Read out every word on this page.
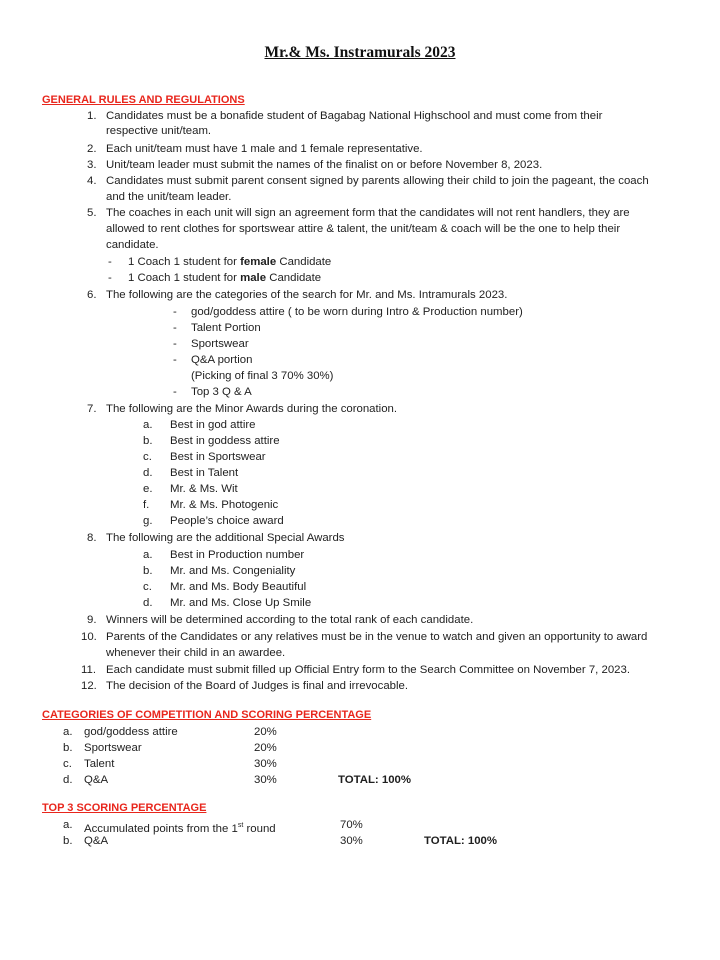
Mr.& Ms. Instramurals 2023
GENERAL RULES AND REGULATIONS
1. Candidates must be a bonafide student of Bagabag National Highschool and must come from their
respective unit/team.
2. Each unit/team must have 1 male and 1 female representative.
3. Unit/team leader must submit the names of the finalist on or before November 8, 2023.
4. Candidates must submit parent consent signed by parents allowing their child to join the pageant, the coach
and the unit/team leader.
5. The coaches in each unit will sign an agreement form that the candidates will not rent handlers, they are
allowed to rent clothes for sportswear attire & talent, the unit/team & coach will be the one to help their
candidate.
- 1 Coach 1 student for female Candidate
- 1 Coach 1 student for male Candidate
6. The following are the categories of the search for Mr. and Ms. Intramurals 2023.
- god/goddess attire ( to be worn during Intro & Production number)
- Talent Portion
- Sportswear
- Q&A portion
(Picking of final 3 70% 30%)
- Top 3 Q & A
7. The following are the Minor Awards during the coronation.
a. Best in god attire
b. Best in goddess attire
c. Best in Sportswear
d. Best in Talent
e. Mr. & Ms. Wit
f. Mr. & Ms. Photogenic
g. People’s choice award
8. The following are the additional Special Awards
a. Best in Production number
b. Mr. and Ms. Congeniality
c. Mr. and Ms. Body Beautiful
d. Mr. and Ms. Close Up Smile
9. Winners will be determined according to the total rank of each candidate.
10. Parents of the Candidates or any relatives must be in the venue to watch and given an opportunity to award
whenever their child in an awardee.
11. Each candidate must submit filled up Official Entry form to the Search Committee on November 7, 2023.
12. The decision of the Board of Judges is final and irrevocable.
CATEGORIES OF COMPETITION AND SCORING PERCENTAGE
a. god/goddess attire	20%
b. Sportswear	20%
c. Talent	30%
d. Q&A	30%	TOTAL: 100%
TOP 3 SCORING PERCENTAGE
a. Accumulated points from the 1st round	70%
b. Q&A	30%	TOTAL: 100%
